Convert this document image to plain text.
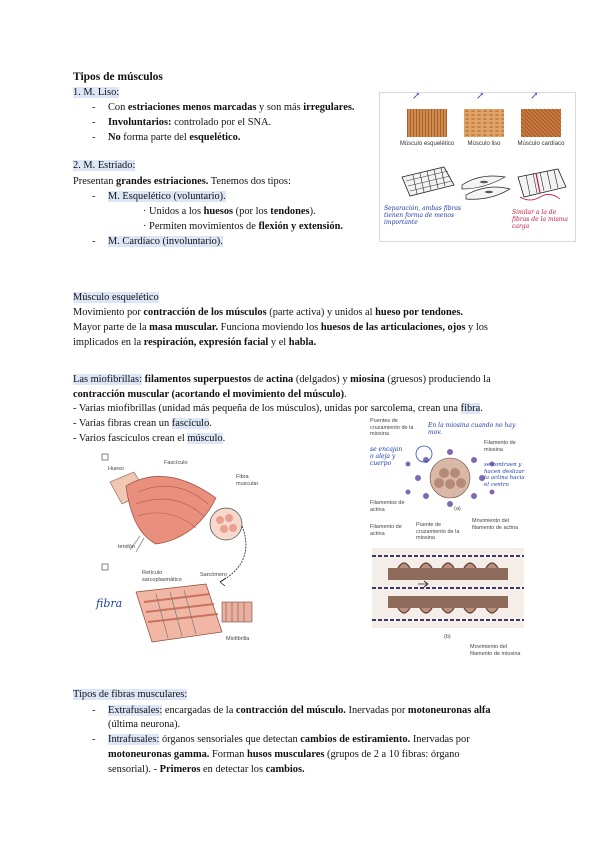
Tipos de músculos
1. M. Liso:
- Con estriaciones menos marcadas y son más irregulares.
- Involuntarios: controlado por el SNA.
- No forma parte del esquelético.
2. M. Estriado:
Presentan grandes estriaciones. Tenemos dos tipos:
- M. Esquelético (voluntario).
· Unidos a los huesos (por los tendones).
· Permiten movimientos de flexión y extensión.
- M. Cardíaco (involuntario).
Músculo esquelético	Músculo liso	Músculo cardíaco
↗	↗	↗
Separación, ambas fibras tienen forma de menos importante
Similar a la de fibras de la misma carga
Músculo esquelético
Movimiento por contracción de los músculos (parte activa) y unidos al hueso por tendones.
Mayor parte de la masa muscular. Funciona moviendo los huesos de las articulaciones, ojos y los
implicados en la respiración, expresión facial y el habla.
Las miofibrillas: filamentos superpuestos de actina (delgados) y miosina (gruesos) produciendo la
contracción muscular (acortando el movimiento del músculo).
- Varias miofibrillas (unidad más pequeña de los músculos), unidas por sarcolema, crean una fibra.
- Varias fibras crean un fascículo.
- Varios fascículos crean el músculo.
Hueso
Fascículo
Fibra muscular
tendón
Retículo sarcoplasmático
Sarcómero
Miofibrilla
fibra
Puentes de cruzamiento de la miosina
Filamento de miosina
Filamentos de actina
Filamento de actina
Puente de cruzamiento de la miosina
Movimiento del filamento de actina
Movimiento del filamento de miosina
(a)
(b)
En la miosina cuando no hay mov.
se encajan o aleja y cuerpo	se contraen y hacen deslizar la actina hacia el centro
Tipos de fibras musculares:
- Extrafusales: encargadas de la contracción del músculo. Inervadas por motoneuronas alfa
(última neurona).
- Intrafusales: órganos sensoriales que detectan cambios de estiramiento. Inervadas por
motoneuronas gamma. Forman husos musculares (grupos de 2 a 10 fibras: órgano
sensorial). - Primeros en detectar los cambios.
